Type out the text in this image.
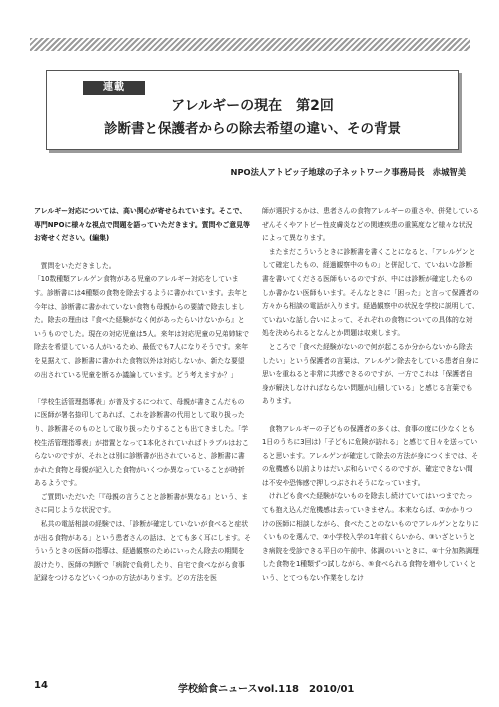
連載
アレルギーの現在　第2回
診断書と保護者からの除去希望の違い、その背景
NPO法人アトピッ子地球の子ネットワーク事務局長　赤城智美

アレルギー対応については、高い関心が寄せられています。そこで、専門NPOに様々な視点で問題を語っていただきます。質問やご意見等お寄せください。(編集)

　質問をいただきました。

「10数種類アレルゲン食物がある児童のアレルギー対応をしています。診断書には4種類の食物を除去するように書かれています。去年と今年は、診断書に書かれていない食物も母親からの要請で除去しました。除去の理由は『食べた経験がなく何があったらいけないから』というものでした。現在の対応児童は5人。来年は対応児童の兄弟姉妹で除去を希望している人がいるため、最低でも7人になりそうです。来年を見据えて、診断書に書かれた食物以外は対応しないか、新たな要望の出されている児童を断るか議論しています。どう考えますか？」

「学校生活管理指導表」が普及するにつれて、母親が書きこんだものに医師が署名捺印してあれば、これを診断書の代用として取り扱ったり、診断書そのものとして取り扱ったりすることも出てきました。「学校生活管理指導表」が措置となって1本化されていればトラブルはおこらないのですが、それとは別に診断書が出されていると、診断書に書かれた食物と母親が記入した食物がいくつか異なっていることが時折あるようです。

　ご質問いただいた「『母親の言うことと診断書が異なる』という、まさに同じような状況です。

　私共の電話相談の経験では、「診断が確定していないが食べると症状が出る食物がある」という患者さんの話は、とても多く耳にします。そういうときの医師の指導は、経過観察のためにいったん除去の期間を設けたり、医師の判断で「病院で負荷したり、自宅で食べながら食事記録をつけるなどいくつかの方法があります。どの方法を医

師が選択するかは、患者さんの食物アレルギーの重さや、併発しているぜんそくやアトピー性皮膚炎などの関連疾患の重篤度など様々な状況によって異なります。

　またまだこういうときに診断書を書くことになると、「アレルゲンとして確定したもの、経過観察中のもの」と併記して、ていねいな診断書を書いてくださる医師もいるのですが、中には診断が確定したものしか書かない医師もいます。そんなときに「困った」と言って保護者の方々から相談の電話が入ります。経過観察中の状況を学校に説明して、ていねいな話し合いによって、それぞれの食物についての具体的な対処を決められるとなんとか問題は収束します。

　ところで「食べた経験がないので何が起こるか分からないから除去したい」という保護者の言葉は、アレルゲン除去をしている患者自身に思いを重ねると非常に共感できるのですが、一方でこれは「保護者自身が解決しなければならない問題が山積している」と感じる言葉でもあります。

　食物アレルギーの子どもの保護者の多くは、食事の度に(少なくとも1日のうちに3回は)「子どもに危険が訪れる」と感じて日々を送っていると思います。アレルゲンが確定して除去の方法が身につくまでは、その危機感も以前よりはだいぶ和らいでくるのですが、確定できない間は不安や恐怖感で押しつぶされそうになっています。

　けれども食べた経験がないものを除去し続けていてはいつまでたっても抱え込んだ危機感は去っていきません。本来ならば、①かかりつけの医師に相談しながら、食べたことのないものでアレルゲンとなりにくいものを選んで、②小学校入学の1年前くらいから、③いざというとき病院を受診できる平日の午前中、体調のいいときに、④十分加熱調理した食物を1種類ずつ試しながら、⑤食べられる食物を増やしていくという、とてつもない作業をしなけ

14	学校給食ニュースvol.118　2010/01
